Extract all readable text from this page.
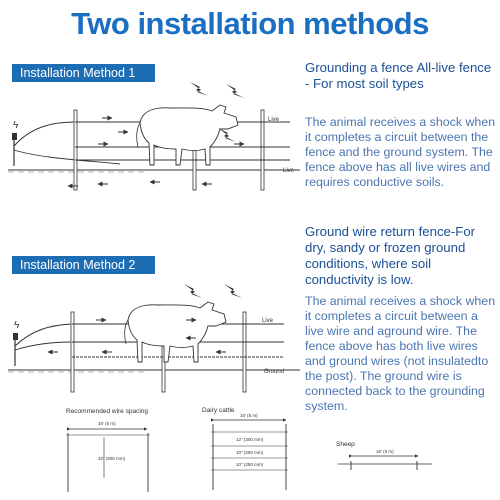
Two installation methods
Installation Method 1	Grounding a fence All-live fence - For most soil types
The animal receives a shock when it completes a circuit between the fence and the ground system. The fence above has all live wires and requires conductive soils.
Installation Method 2
Ground wire return fence-For dry, sandy or frozen ground conditions, where soil conductivity is low.
The animal receives a shock when it completes a circuit between a live wire and aground wire. The fence above has both live wires and ground wires (not insulatedto the post). The ground wire is connected back to the grounding system.
ϟ	Live
Live
ϟ	Live
Ground
Recommended wire spacing
16' (5 m)
32" (800 mm)
Dairy cattle
16' (5 m)
12" (300 mm)
10" (250 mm)
10" (250 mm)
Sheep
16' (5 m)
